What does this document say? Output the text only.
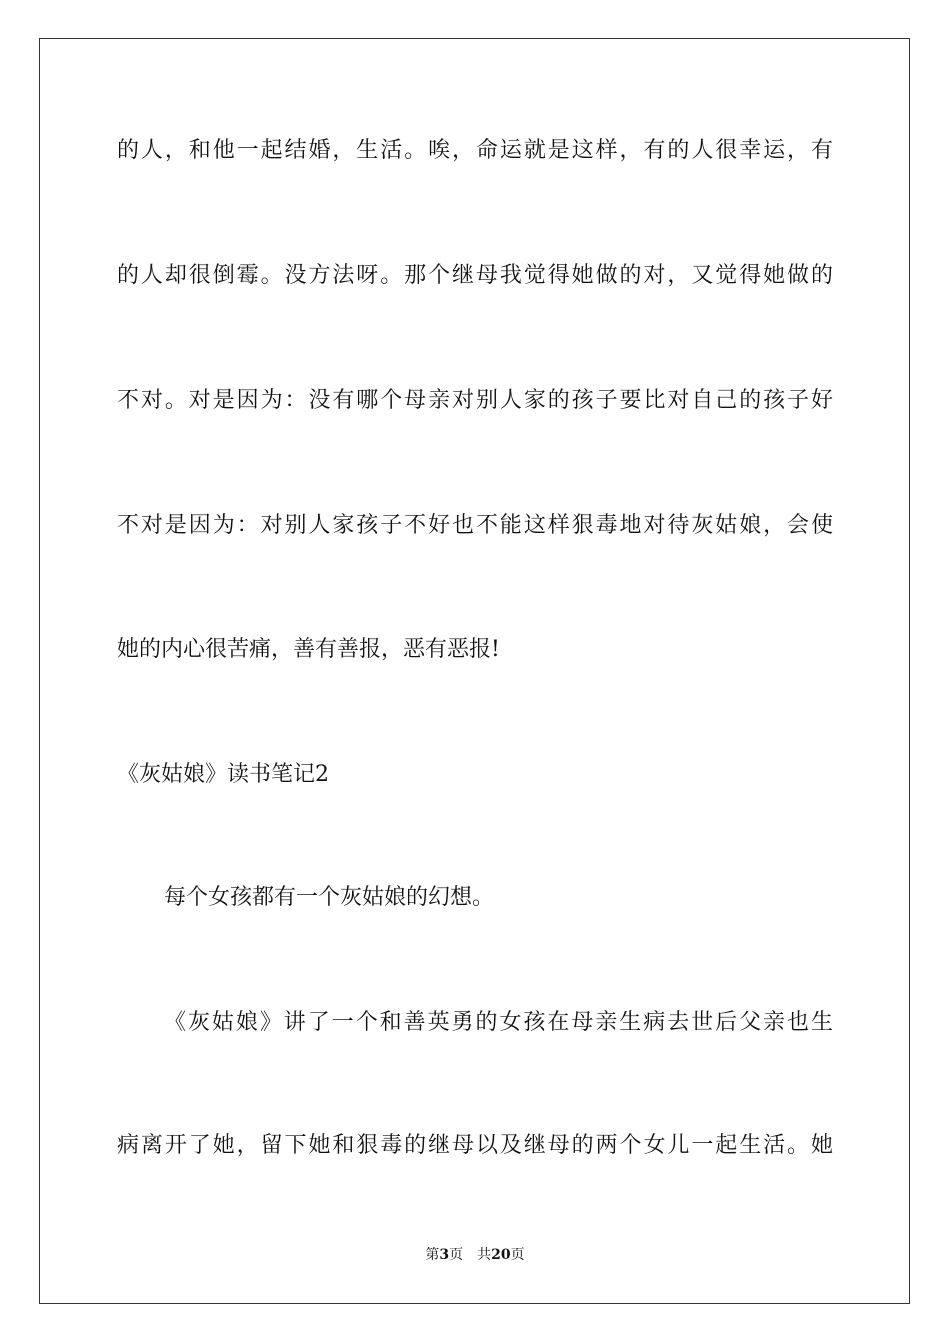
的人，和他一起结婚，生活。唉，命运就是这样，有的人很幸运，有
的人却很倒霉。没方法呀。那个继母我觉得她做的对，又觉得她做的
不对。对是因为：没有哪个母亲对别人家的孩子要比对自己的孩子好
不对是因为：对别人家孩子不好也不能这样狠毒地对待灰姑娘，会使
她的内心很苦痛，善有善报，恶有恶报!
《灰姑娘》读书笔记2
每个女孩都有一个灰姑娘的幻想。
《灰姑娘》讲了一个和善英勇的女孩在母亲生病去世后父亲也生
病离开了她，留下她和狠毒的继母以及继母的两个女儿一起生活。她
第3页 共20页
